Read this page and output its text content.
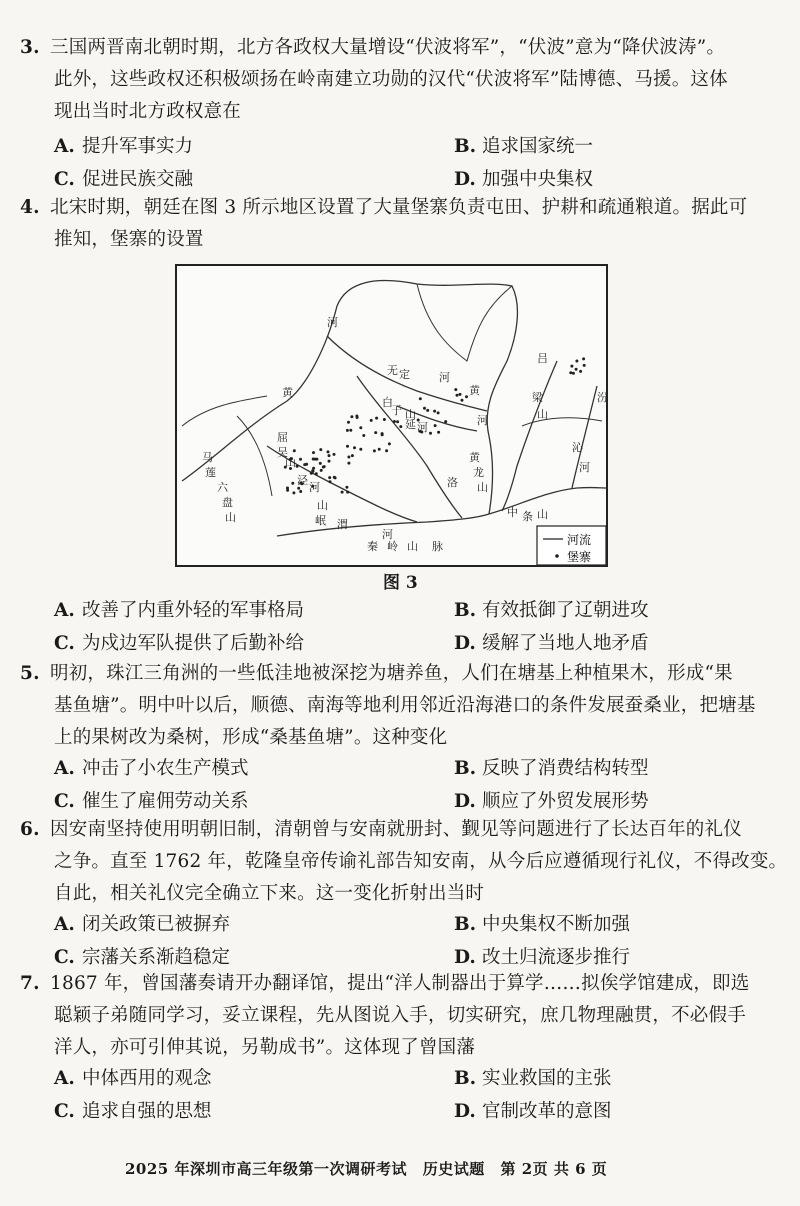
3. 三国两晋南北朝时期，北方各政权大量增设“伏波将军”，“伏波”意为“降伏波涛”。
此外，这些政权还积极颂扬在岭南建立功勋的汉代“伏波将军”陆博德、马援。这体
现出当时北方政权意在
A. 提升军事实力	B. 追求国家统一
C. 促进民族交融	D. 加强中央集权
4. 北宋时期，朝廷在图 3 所示地区设置了大量堡寨负责屯田、护耕和疏通粮道。据此可
推知，堡寨的设置
河流
堡寨
河
黄
无 定	河
白
于 山
黄
吕
梁
山
汾
河
延 河
洛
黄
龙
山
沁
河
屈
吴
山
马
莲
六
盘
山
泾
河
山
岷 渭
河
中 条 山
秦 岭 山 脉
图 3
A. 改善了内重外轻的军事格局	B. 有效抵御了辽朝进攻
C. 为戍边军队提供了后勤补给	D. 缓解了当地人地矛盾
5. 明初，珠江三角洲的一些低洼地被深挖为塘养鱼，人们在塘基上种植果木，形成“果
基鱼塘”。明中叶以后，顺德、南海等地利用邻近沿海港口的条件发展蚕桑业，把塘基
上的果树改为桑树，形成“桑基鱼塘”。这种变化
A. 冲击了小农生产模式	B. 反映了消费结构转型
C. 催生了雇佣劳动关系	D. 顺应了外贸发展形势
6. 因安南坚持使用明朝旧制，清朝曾与安南就册封、觐见等问题进行了长达百年的礼仪
之争。直至 1762 年，乾隆皇帝传谕礼部告知安南，从今后应遵循现行礼仪，不得改变。
自此，相关礼仪完全确立下来。这一变化折射出当时
A. 闭关政策已被摒弃	B. 中央集权不断加强
C. 宗藩关系渐趋稳定	D. 改土归流逐步推行
7. 1867 年，曾国藩奏请开办翻译馆，提出“洋人制器出于算学……拟俟学馆建成，即选
聪颖子弟随同学习，妥立课程，先从图说入手，切实研究，庶几物理融贯，不必假手
洋人，亦可引伸其说，另勒成书”。这体现了曾国藩
A. 中体西用的观念	B. 实业救国的主张
C. 追求自强的思想	D. 官制改革的意图
2025 年深圳市高三年级第一次调研考试 历史试题 第 2页 共 6 页
